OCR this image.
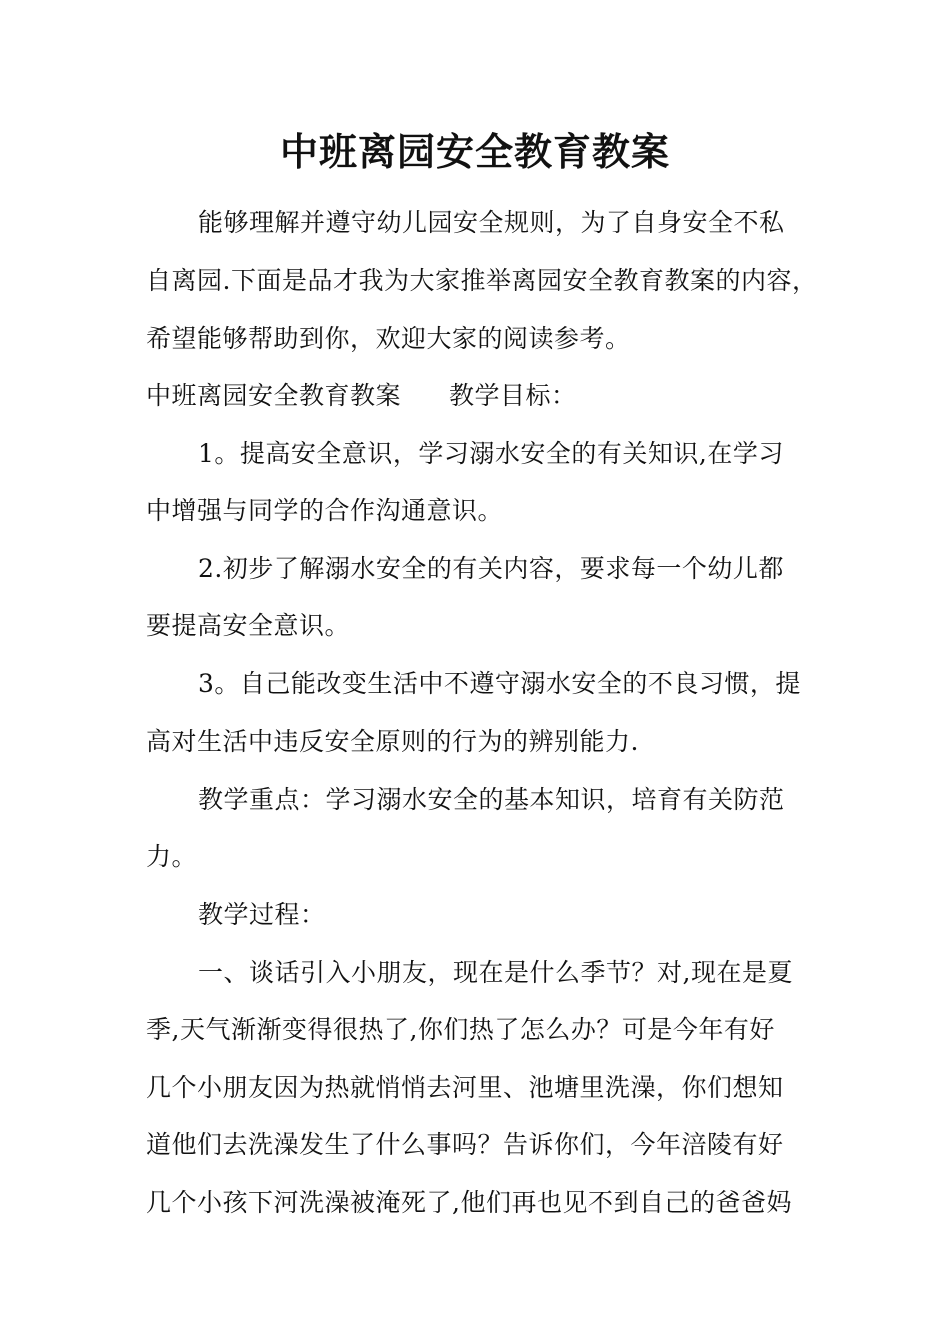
中班离园安全教育教案
能够理解并遵守幼儿园安全规则，为了自身安全不私
自离园.下面是品才我为大家推举离园安全教育教案的内容，
希望能够帮助到你，欢迎大家的阅读参考。
中班离园安全教育教案 教学目标：
1。提高安全意识，学习溺水安全的有关知识,在学习
中增强与同学的合作沟通意识。
2.初步了解溺水安全的有关内容，要求每一个幼儿都
要提高安全意识。
3。自己能改变生活中不遵守溺水安全的不良习惯，提
高对生活中违反安全原则的行为的辨别能力.
教学重点：学习溺水安全的基本知识，培育有关防范
力。
教学过程：
一、谈话引入小朋友，现在是什么季节？对,现在是夏
季,天气渐渐变得很热了,你们热了怎么办？可是今年有好
几个小朋友因为热就悄悄去河里、池塘里洗澡，你们想知
道他们去洗澡发生了什么事吗？告诉你们，今年涪陵有好
几个小孩下河洗澡被淹死了,他们再也见不到自己的爸爸妈
